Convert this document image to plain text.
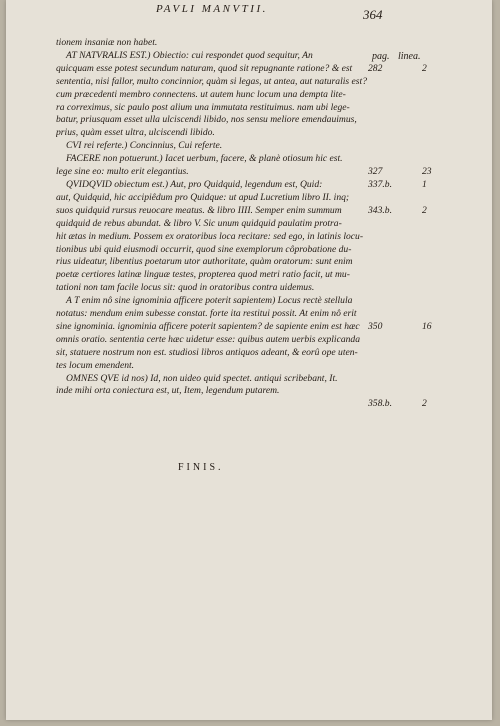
PAVLI MANVTII.	364
pag. linea.

tionem insaniæ non habet.

AT NATVRALIS EST.) Obiectio: cui respondet quod sequitur, An
quicquam esse potest secundum naturam, quod sit repugnante ratione? & est
sententia, nisi fallor, multo concinnior, quàm si legas, ut antea, aut naturalis est?
cum præcedenti membro connectens. ut autem hunc locum una dempta lite-
ra correximus, sic paulo post alium una immutata restituimus. nam ubi lege-
batur, priusquam esset ulla ulciscendi libido, nos sensu meliore emendauimus,
prius, quàm esset ultra, ulciscendi libido.

CVI rei referte.) Concinnius, Cui referte.

FACERE non potuerunt.) Iacet uerbum, facere, & planè otiosum hic est.
lege sine eo: multo erit elegantius.

QVIDQVID obiectum est.) Aut, pro Quidquid, legendum est, Quid:
aut, Quidquid, hic accipiêdum pro Quidque: ut apud Lucretium libro II. inq;
suos quidquid rursus reuocare meatus. & libro IIII. Semper enim summum
quidquid de rebus abundat. & libro V. Sic unum quidquid paulatim protra-
hit ætas in medium. Possem ex oratoribus loca recitare: sed ego, in latinis locu-
tionibus ubi quid eiusmodi occurrit, quod sine exemplorum côprobatione du-
rius uideatur, libentius poetarum utor authoritate, quàm oratorum: sunt enim
poetæ certiores latinæ linguæ testes, propterea quod metri ratio facit, ut mu-
tationi non tam facile locus sit: quod in oratoribus contra uidemus.

A T enim nô sine ignominia afficere poterit sapientem) Locus rectè stellula
notatus: mendum enim subesse constat. forte ita restitui possit. At enim nô erit
sine ignominia. ignominia afficere poterit sapientem? de sapiente enim est hæc
omnis oratio. sententia certe hæc uidetur esse: quibus autem uerbis explicanda
sit, statuere nostrum non est. studiosi libros antiquos adeant, & eorû ope uten-
tes locum emendent.

OMNES QVE id nos) Id, non uideo quid spectet. antiqui scribebant, It.
inde mihi orta coniectura est, ut, Item, legendum putarem.

282	2
327	23
337.b.	1
343.b.	2
350	16
358.b.	2
FINIS.
